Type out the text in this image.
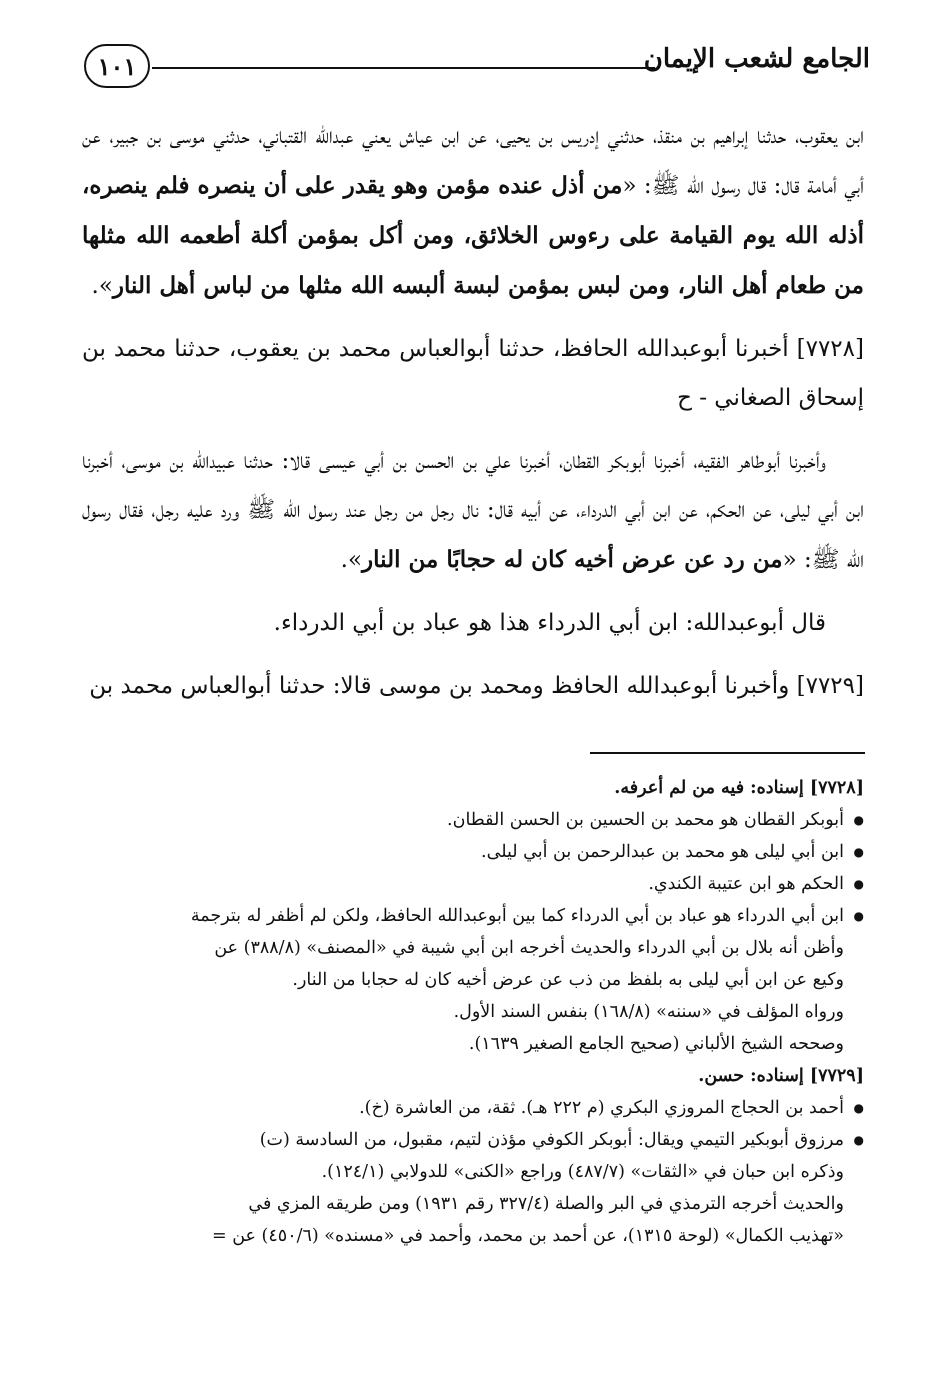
١٠١	الجامع لشعب الإيمان

ابن يعقوب، حدثنا إبراهيم بن منقذ، حدثني إدريس بن يحيى، عن ابن عياش يعني عبدالله القتباني، حدثني موسى بن جبير، عن أبي أمامة قال: قال رسول الله ﷺ: «من أذل عنده مؤمن وهو يقدر على أن ينصره فلم ينصره، أذله الله يوم القيامة على رءوس الخلائق، ومن أكل بمؤمن أكلة أطعمه الله مثلها من طعام أهل النار، ومن لبس بمؤمن لبسة ألبسه الله مثلها من لباس أهل النار».

[٧٧٢٨] أخبرنا أبوعبدالله الحافظ، حدثنا أبوالعباس محمد بن يعقوب، حدثنا محمد بن إسحاق الصغاني - ح

وأخبرنا أبوطاهر الفقيه، أخبرنا أبوبكر القطان، أخبرنا علي بن الحسن بن أبي عيسى قالا: حدثنا عبيدالله بن موسى، أخبرنا ابن أبي ليلى، عن الحكم، عن ابن أبي الدرداء، عن أبيه قال: نال رجل من رجل عند رسول الله ﷺ ورد عليه رجل، فقال رسول الله ﷺ: «من رد عن عرض أخيه كان له حجابًا من النار».

قال أبوعبدالله: ابن أبي الدرداء هذا هو عباد بن أبي الدرداء.

[٧٧٢٩] وأخبرنا أبوعبدالله الحافظ ومحمد بن موسى قالا: حدثنا أبوالعباس محمد بن

[٧٧٢٨] إسناده: فيه من لم أعرفه.

● أبوبكر القطان هو محمد بن الحسين بن الحسن القطان.
● ابن أبي ليلى هو محمد بن عبدالرحمن بن أبي ليلى.
● الحكم هو ابن عتيبة الكندي.
● ابن أبي الدرداء هو عباد بن أبي الدرداء كما بين أبوعبدالله الحافظ، ولكن لم أظفر له بترجمة

وأظن أنه بلال بن أبي الدرداء والحديث أخرجه ابن أبي شيبة في «المصنف» (٣٨٨/٨) عن

وكيع عن ابن أبي ليلى به بلفظ من ذب عن عرض أخيه كان له حجابا من النار.

ورواه المؤلف في «سننه» (١٦٨/٨) بنفس السند الأول.

وصححه الشيخ الألباني (صحيح الجامع الصغير ١٦٣٩).

[٧٧٢٩] إسناده: حسن.

● أحمد بن الحجاج المروزي البكري (م ٢٢٢ هـ). ثقة، من العاشرة (خ).
● مرزوق أبوبكير التيمي ويقال: أبوبكر الكوفي مؤذن لتيم، مقبول، من السادسة (ت)

وذكره ابن حبان في «الثقات» (٤٨٧/٧) وراجع «الكنى» للدولابي (١٢٤/١).

والحديث أخرجه الترمذي في البر والصلة (٣٢٧/٤ رقم ١٩٣١) ومن طريقه المزي في

«تهذيب الكمال» (لوحة ١٣١٥)، عن أحمد بن محمد، وأحمد في «مسنده» (٤٥٠/٦) عن =
